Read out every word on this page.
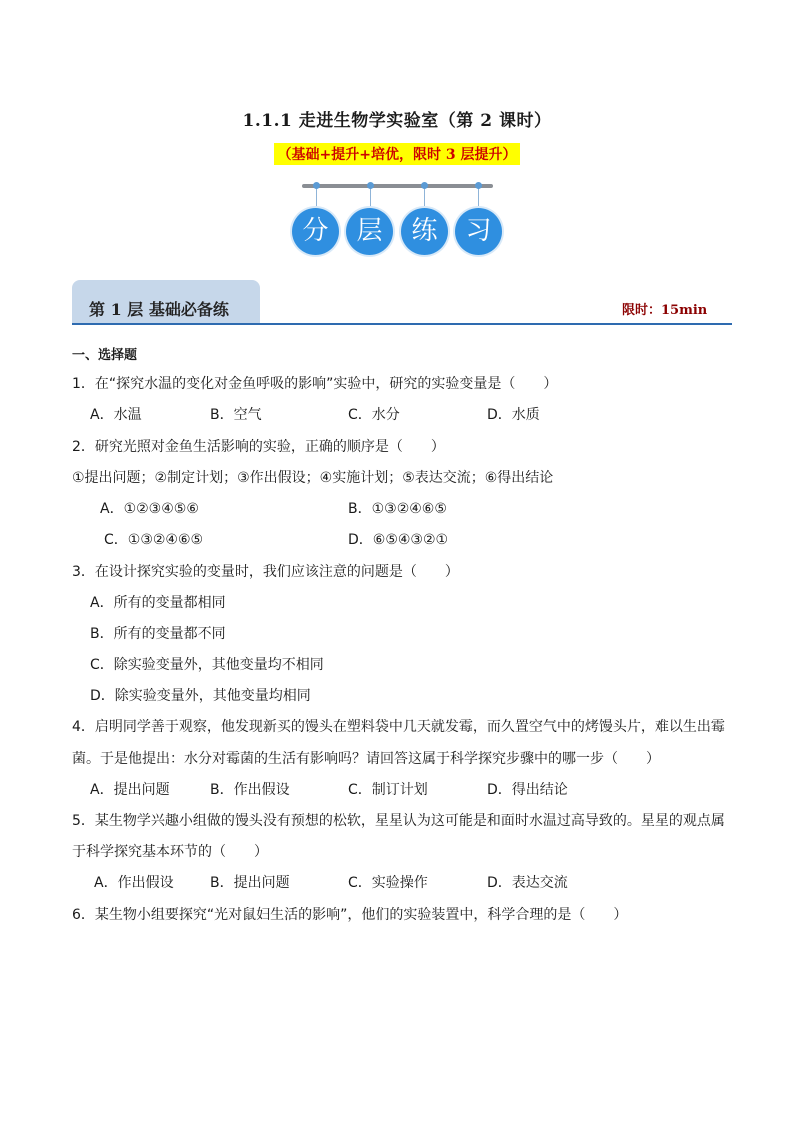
1.1.1 走进生物学实验室（第 2 课时）
（基础+提升+培优，限时 3 层提升）
分	层	练	习
第 1 层 基础必备练	限时：15min
一、选择题
1．在“探究水温的变化对金鱼呼吸的影响”实验中，研究的实验变量是（　　）
A．水温	B．空气	C．水分	D．水质
2．研究光照对金鱼生活影响的实验，正确的顺序是（　　）
①提出问题；②制定计划；③作出假设；④实施计划；⑤表达交流；⑥得出结论
A．①②③④⑤⑥	B．①③②④⑥⑤
C．①③②④⑥⑤	D．⑥⑤④③②①
3．在设计探究实验的变量时，我们应该注意的问题是（　　）
A．所有的变量都相同
B．所有的变量都不同
C．除实验变量外，其他变量均不相同
D．除实验变量外，其他变量均相同
4．启明同学善于观察，他发现新买的馒头在塑料袋中几天就发霉，而久置空气中的烤馒头片，难以生出霉
菌。于是他提出：水分对霉菌的生活有影响吗？请回答这属于科学探究步骤中的哪一步（　　）
A．提出问题	B．作出假设	C．制订计划	D．得出结论
5．某生物学兴趣小组做的馒头没有预想的松软，星星认为这可能是和面时水温过高导致的。星星的观点属
于科学探究基本环节的（　　）
A．作出假设	B．提出问题	C．实验操作	D．表达交流
6．某生物小组要探究“光对鼠妇生活的影响”，他们的实验装置中，科学合理的是（　　）
